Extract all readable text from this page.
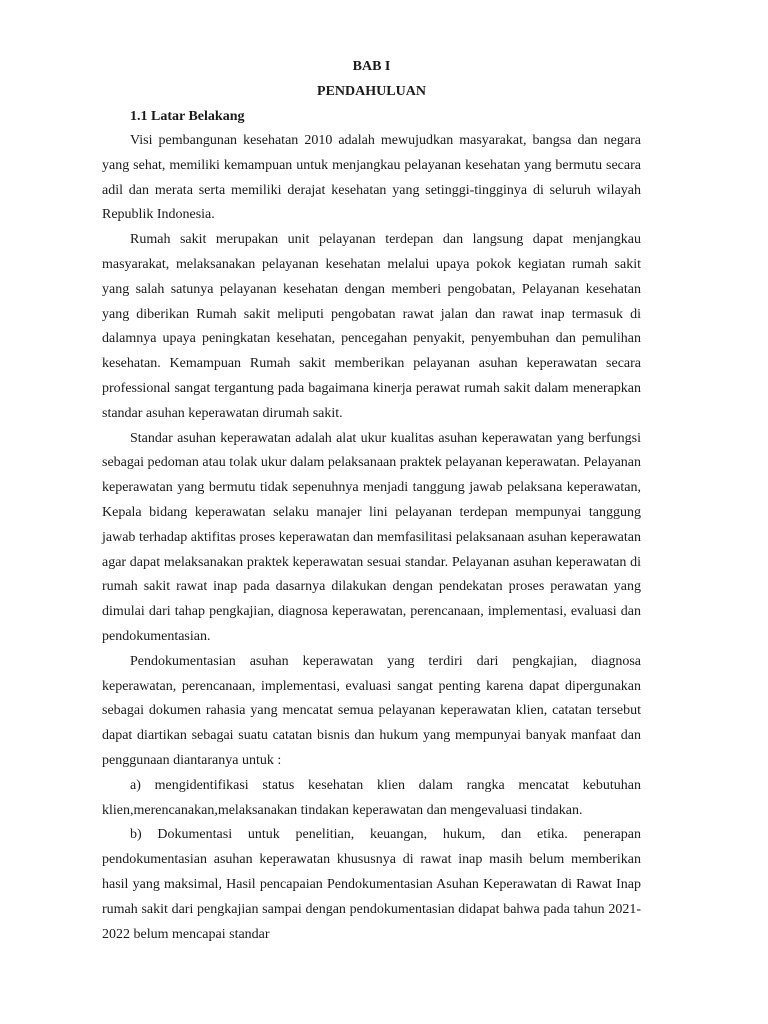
BAB I

PENDAHULUAN

1.1 Latar Belakang

Visi pembangunan kesehatan 2010 adalah mewujudkan masyarakat, bangsa dan negara yang sehat, memiliki kemampuan untuk menjangkau pelayanan kesehatan yang bermutu secara adil dan merata serta memiliki derajat kesehatan yang setinggi-tingginya di seluruh wilayah Republik Indonesia.

Rumah sakit merupakan unit pelayanan terdepan dan langsung dapat menjangkau masyarakat, melaksanakan pelayanan kesehatan melalui upaya pokok kegiatan rumah sakit yang salah satunya pelayanan kesehatan dengan memberi pengobatan, Pelayanan kesehatan yang diberikan Rumah sakit meliputi pengobatan rawat jalan dan rawat inap termasuk di dalamnya upaya peningkatan kesehatan, pencegahan penyakit, penyembuhan dan pemulihan kesehatan. Kemampuan Rumah sakit memberikan pelayanan asuhan keperawatan secara professional sangat tergantung pada bagaimana kinerja perawat rumah sakit dalam menerapkan standar asuhan keperawatan dirumah sakit.

Standar asuhan keperawatan adalah alat ukur kualitas asuhan keperawatan yang berfungsi sebagai pedoman atau tolak ukur dalam pelaksanaan praktek pelayanan keperawatan. Pelayanan keperawatan yang bermutu tidak sepenuhnya menjadi tanggung jawab pelaksana keperawatan, Kepala bidang keperawatan selaku manajer lini pelayanan terdepan mempunyai tanggung jawab terhadap aktifitas proses keperawatan dan memfasilitasi pelaksanaan asuhan keperawatan agar dapat melaksanakan praktek keperawatan sesuai standar. Pelayanan asuhan keperawatan di rumah sakit rawat inap pada dasarnya dilakukan dengan pendekatan proses perawatan yang dimulai dari tahap pengkajian, diagnosa keperawatan, perencanaan, implementasi, evaluasi dan pendokumentasian.

Pendokumentasian asuhan keperawatan yang terdiri dari pengkajian, diagnosa keperawatan, perencanaan, implementasi, evaluasi sangat penting karena dapat dipergunakan sebagai dokumen rahasia yang mencatat semua pelayanan keperawatan klien, catatan tersebut dapat diartikan sebagai suatu catatan bisnis dan hukum yang mempunyai banyak manfaat dan penggunaan diantaranya untuk :

a) mengidentifikasi status kesehatan klien dalam rangka mencatat kebutuhan klien,merencanakan,melaksanakan tindakan keperawatan dan mengevaluasi tindakan.

b) Dokumentasi untuk penelitian, keuangan, hukum, dan etika. penerapan pendokumentasian asuhan keperawatan khususnya di rawat inap masih belum memberikan hasil yang maksimal, Hasil pencapaian Pendokumentasian Asuhan Keperawatan di Rawat Inap rumah sakit dari pengkajian sampai dengan pendokumentasian didapat bahwa pada tahun 2021-2022 belum mencapai standar
